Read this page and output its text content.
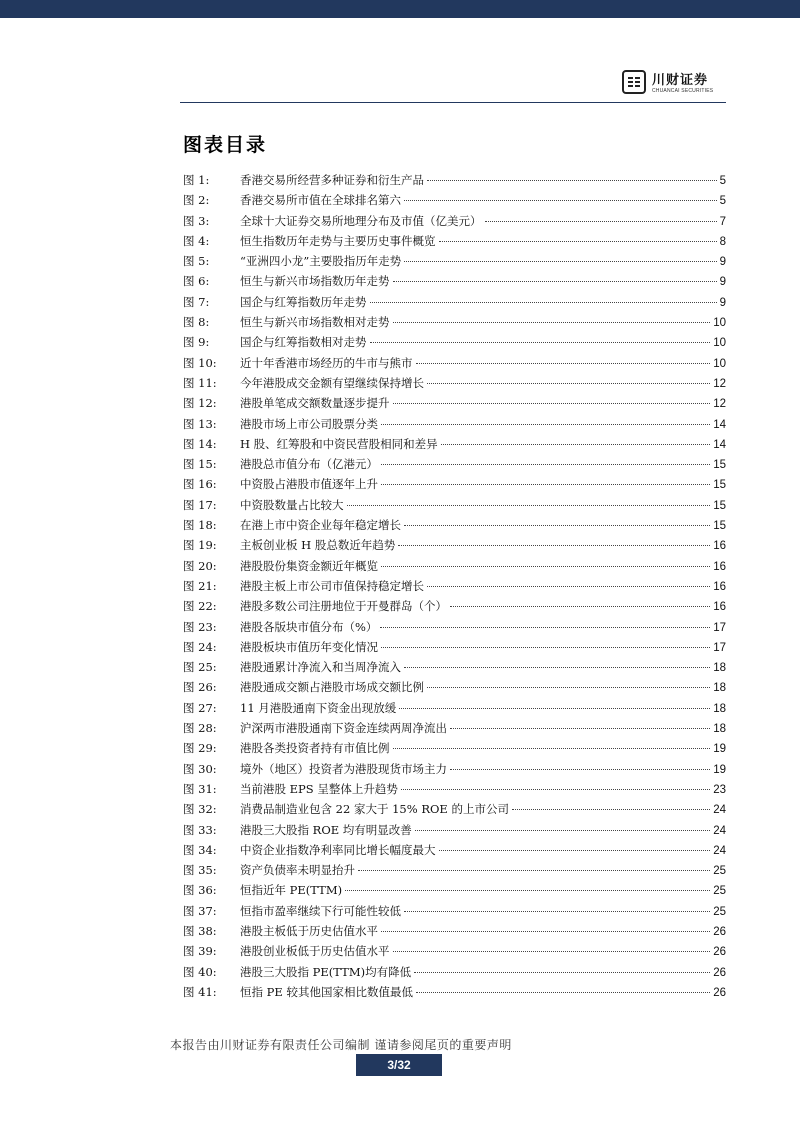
川财证券
CHUANCAI SECURITIES
图表目录
图 1:	香港交易所经营多种证券和衍生产品	5
图 2:	香港交易所市值在全球排名第六	5
图 3:	全球十大证券交易所地理分布及市值（亿美元）	7
图 4:	恒生指数历年走势与主要历史事件概览	8
图 5:	“亚洲四小龙”主要股指历年走势	9
图 6:	恒生与新兴市场指数历年走势	9
图 7:	国企与红筹指数历年走势	9
图 8:	恒生与新兴市场指数相对走势	10
图 9:	国企与红筹指数相对走势	10
图 10:	近十年香港市场经历的牛市与熊市	10
图 11:	今年港股成交金额有望继续保持增长	12
图 12:	港股单笔成交额数量逐步提升	12
图 13:	港股市场上市公司股票分类	14
图 14:	H 股、红筹股和中资民营股相同和差异	14
图 15:	港股总市值分布（亿港元）	15
图 16:	中资股占港股市值逐年上升	15
图 17:	中资股数量占比较大	15
图 18:	在港上市中资企业每年稳定增长	15
图 19:	主板创业板 H 股总数近年趋势	16
图 20:	港股股份集资金额近年概览	16
图 21:	港股主板上市公司市值保持稳定增长	16
图 22:	港股多数公司注册地位于开曼群岛（个）	16
图 23:	港股各版块市值分布（%）	17
图 24:	港股板块市值历年变化情况	17
图 25:	港股通累计净流入和当周净流入	18
图 26:	港股通成交额占港股市场成交额比例	18
图 27:	11 月港股通南下资金出现放缓	18
图 28:	沪深两市港股通南下资金连续两周净流出	18
图 29:	港股各类投资者持有市值比例	19
图 30:	境外（地区）投资者为港股现货市场主力	19
图 31:	当前港股 EPS 呈整体上升趋势	23
图 32:	消费品制造业包含 22 家大于 15% ROE 的上市公司	24
图 33:	港股三大股指 ROE 均有明显改善	24
图 34:	中资企业指数净利率同比增长幅度最大	24
图 35:	资产负债率未明显抬升	25
图 36:	恒指近年 PE(TTM)	25
图 37:	恒指市盈率继续下行可能性较低	25
图 38:	港股主板低于历史估值水平	26
图 39:	港股创业板低于历史估值水平	26
图 40:	港股三大股指 PE(TTM)均有降低	26
图 41:	恒指 PE 较其他国家相比数值最低	26
本报告由川财证券有限责任公司编制 谨请参阅尾页的重要声明
3/32
